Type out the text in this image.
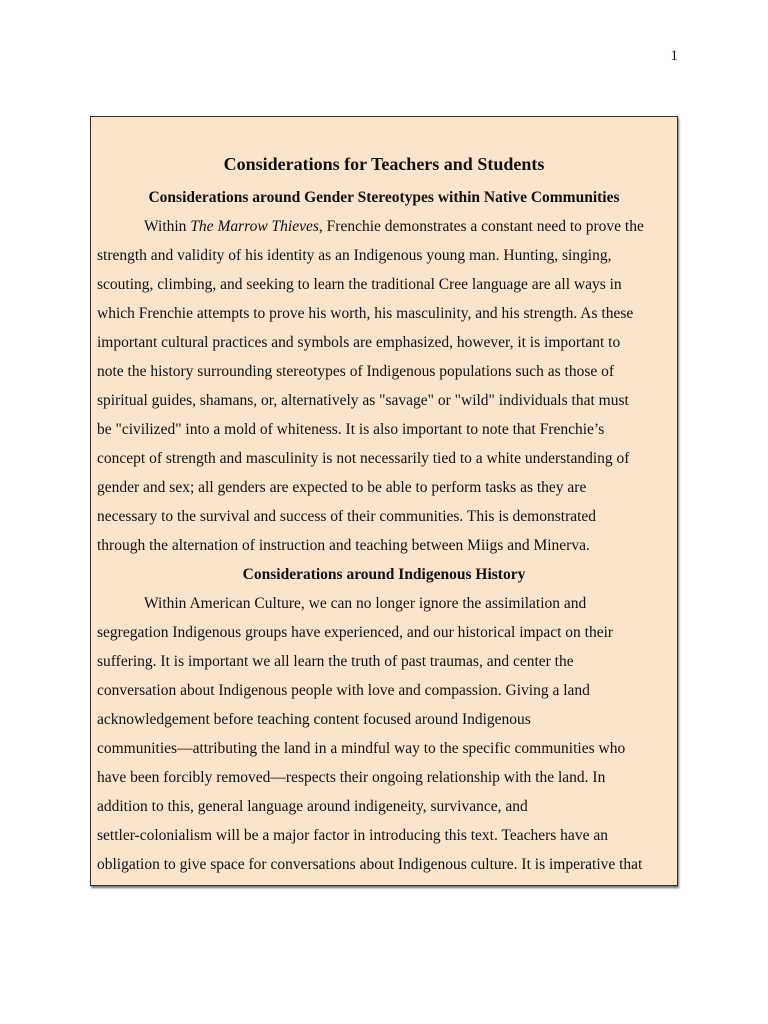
1
Considerations for Teachers and Students
Considerations around Gender Stereotypes within Native Communities
Within The Marrow Thieves, Frenchie demonstrates a constant need to prove the
strength and validity of his identity as an Indigenous young man. Hunting, singing,
scouting, climbing, and seeking to learn the traditional Cree language are all ways in
which Frenchie attempts to prove his worth, his masculinity, and his strength. As these
important cultural practices and symbols are emphasized, however, it is important to
note the history surrounding stereotypes of Indigenous populations such as those of
spiritual guides, shamans, or, alternatively as "savage" or "wild" individuals that must
be "civilized" into a mold of whiteness. It is also important to note that Frenchie’s
concept of strength and masculinity is not necessarily tied to a white understanding of
gender and sex; all genders are expected to be able to perform tasks as they are
necessary to the survival and success of their communities. This is demonstrated
through the alternation of instruction and teaching between Miigs and Minerva.
Considerations around Indigenous History
Within American Culture, we can no longer ignore the assimilation and
segregation Indigenous groups have experienced, and our historical impact on their
suffering. It is important we all learn the truth of past traumas, and center the
conversation about Indigenous people with love and compassion. Giving a land
acknowledgement before teaching content focused around Indigenous
communities—attributing the land in a mindful way to the specific communities who
have been forcibly removed—respects their ongoing relationship with the land. In
addition to this, general language around indigeneity, survivance, and
settler-colonialism will be a major factor in introducing this text. Teachers have an
obligation to give space for conversations about Indigenous culture. It is imperative that
